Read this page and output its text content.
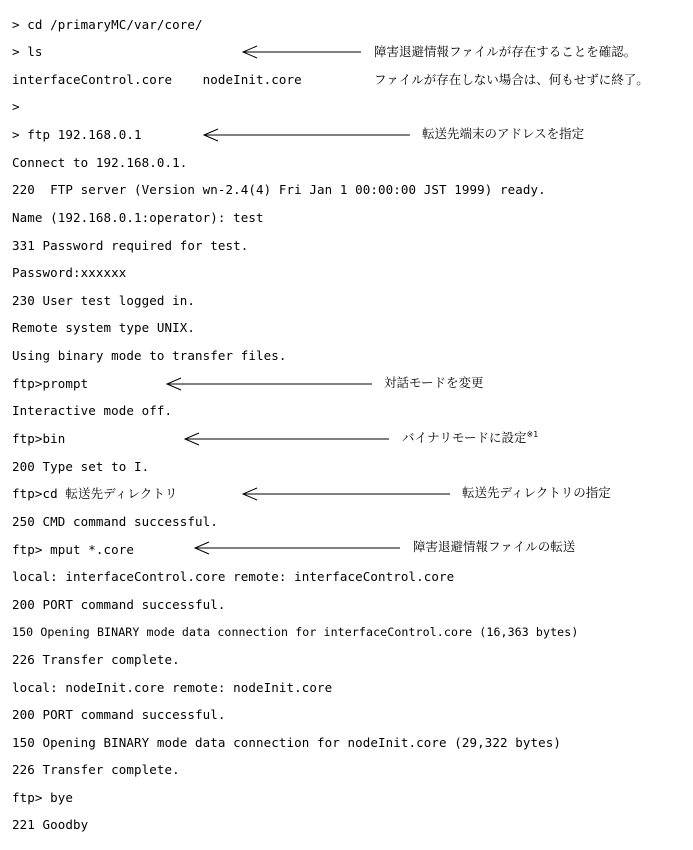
> cd /primaryMC/var/core/
> ls
interfaceControl.core    nodeInit.core
>
> ftp 192.168.0.1
Connect to 192.168.0.1.
220  FTP server (Version wn-2.4(4) Fri Jan 1 00:00:00 JST 1999) ready.
Name (192.168.0.1:operator): test
331 Password required for test.
Password:xxxxxx
230 User test logged in.
Remote system type UNIX.
Using binary mode to transfer files.
ftp>prompt
Interactive mode off.
ftp>bin
200 Type set to I.
ftp>cd 転送先ディレクトリ
250 CMD command successful.
ftp> mput *.core
local: interfaceControl.core remote: interfaceControl.core
200 PORT command successful.
150 Opening BINARY mode data connection for interfaceControl.core (16,363 bytes)
226 Transfer complete.
local: nodeInit.core remote: nodeInit.core
200 PORT command successful.
150 Opening BINARY mode data connection for nodeInit.core (29,322 bytes)
226 Transfer complete.
ftp> bye
221 Goodby
障害退避情報ファイルが存在することを確認。
ファイルが存在しない場合は、何もせずに終了。
転送先端末のアドレスを指定
対話モードを変更
バイナリモードに設定$^{※1}$
転送先ディレクトリの指定
障害退避情報ファイルの転送
